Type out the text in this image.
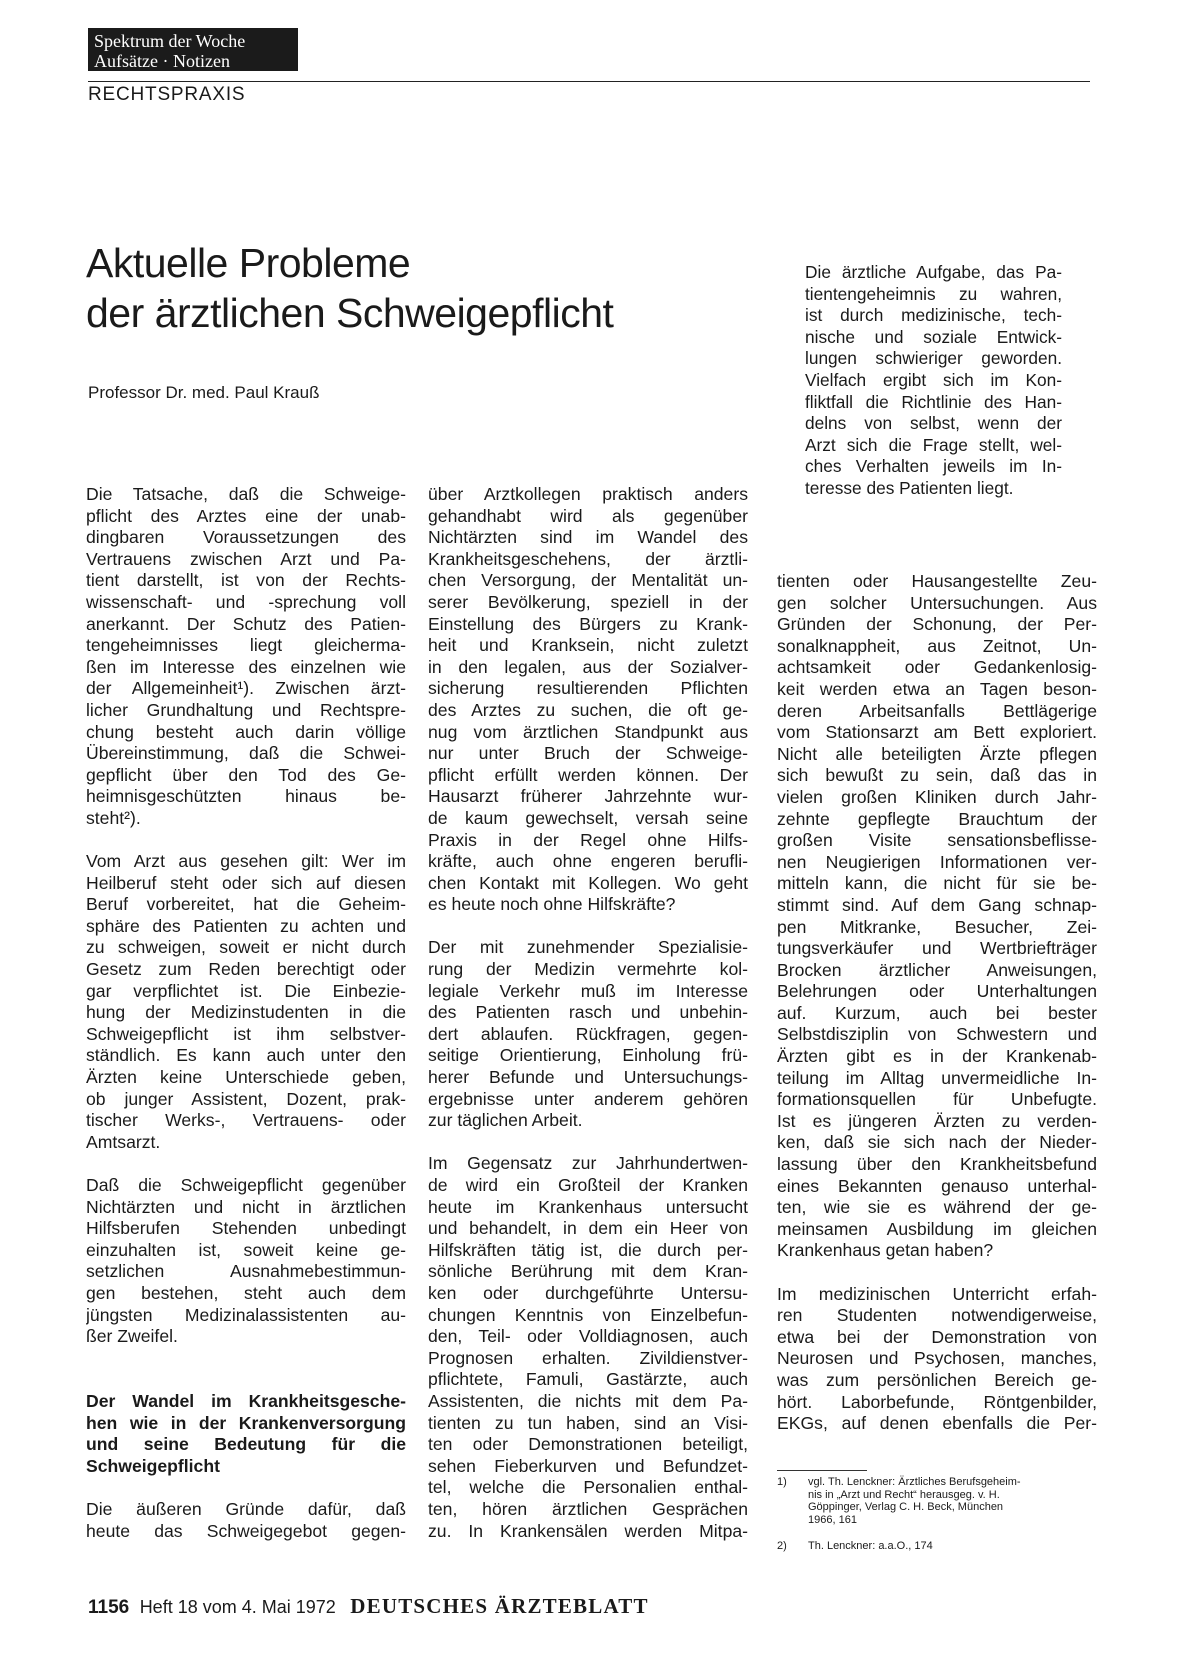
Spektrum der Woche
Aufsätze · Notizen
RECHTSPRAXIS
Aktuelle Probleme
der ärztlichen Schweigepflicht
Professor Dr. med. Paul Krauß
Die ärztliche Aufgabe, das Pa-
tientengeheimnis zu wahren,
ist durch medizinische, tech-
nische und soziale Entwick-
lungen schwieriger geworden.
Vielfach ergibt sich im Kon-
fliktfall die Richtlinie des Han-
delns von selbst, wenn der
Arzt sich die Frage stellt, wel-
ches Verhalten jeweils im In-
teresse des Patienten liegt.
Die Tatsache, daß die Schweige-
pflicht des Arztes eine der unab-
dingbaren Voraussetzungen des
Vertrauens zwischen Arzt und Pa-
tient darstellt, ist von der Rechts-
wissenschaft- und -sprechung voll
anerkannt. Der Schutz des Patien-
tengeheimnisses liegt gleicherma-
ßen im Interesse des einzelnen wie
der Allgemeinheit¹). Zwischen ärzt-
licher Grundhaltung und Rechtspre-
chung besteht auch darin völlige
Übereinstimmung, daß die Schwei-
gepflicht über den Tod des Ge-
heimnisgeschützten hinaus be-
steht²).
Vom Arzt aus gesehen gilt: Wer im
Heilberuf steht oder sich auf diesen
Beruf vorbereitet, hat die Geheim-
sphäre des Patienten zu achten und
zu schweigen, soweit er nicht durch
Gesetz zum Reden berechtigt oder
gar verpflichtet ist. Die Einbezie-
hung der Medizinstudenten in die
Schweigepflicht ist ihm selbstver-
ständlich. Es kann auch unter den
Ärzten keine Unterschiede geben,
ob junger Assistent, Dozent, prak-
tischer Werks-, Vertrauens- oder
Amtsarzt.
Daß die Schweigepflicht gegenüber
Nichtärzten und nicht in ärztlichen
Hilfsberufen Stehenden unbedingt
einzuhalten ist, soweit keine ge-
setzlichen Ausnahmebestimmun-
gen bestehen, steht auch dem
jüngsten Medizinalassistenten au-
ßer Zweifel.
Der Wandel im Krankheitsgesche-
hen wie in der Krankenversorgung
und seine Bedeutung für die
Schweigepflicht
Die äußeren Gründe dafür, daß
heute das Schweigegebot gegen-
über Arztkollegen praktisch anders
gehandhabt wird als gegenüber
Nichtärzten sind im Wandel des
Krankheitsgeschehens, der ärztli-
chen Versorgung, der Mentalität un-
serer Bevölkerung, speziell in der
Einstellung des Bürgers zu Krank-
heit und Kranksein, nicht zuletzt
in den legalen, aus der Sozialver-
sicherung resultierenden Pflichten
des Arztes zu suchen, die oft ge-
nug vom ärztlichen Standpunkt aus
nur unter Bruch der Schweige-
pflicht erfüllt werden können. Der
Hausarzt früherer Jahrzehnte wur-
de kaum gewechselt, versah seine
Praxis in der Regel ohne Hilfs-
kräfte, auch ohne engeren berufli-
chen Kontakt mit Kollegen. Wo geht
es heute noch ohne Hilfskräfte?
Der mit zunehmender Spezialisie-
rung der Medizin vermehrte kol-
legiale Verkehr muß im Interesse
des Patienten rasch und unbehin-
dert ablaufen. Rückfragen, gegen-
seitige Orientierung, Einholung frü-
herer Befunde und Untersuchungs-
ergebnisse unter anderem gehören
zur täglichen Arbeit.
Im Gegensatz zur Jahrhundertwen-
de wird ein Großteil der Kranken
heute im Krankenhaus untersucht
und behandelt, in dem ein Heer von
Hilfskräften tätig ist, die durch per-
sönliche Berührung mit dem Kran-
ken oder durchgeführte Untersu-
chungen Kenntnis von Einzelbefun-
den, Teil- oder Volldiagnosen, auch
Prognosen erhalten. Zivildienstver-
pflichtete, Famuli, Gastärzte, auch
Assistenten, die nichts mit dem Pa-
tienten zu tun haben, sind an Visi-
ten oder Demonstrationen beteiligt,
sehen Fieberkurven und Befundzet-
tel, welche die Personalien enthal-
ten, hören ärztlichen Gesprächen
zu. In Krankensälen werden Mitpa-
tienten oder Hausangestellte Zeu-
gen solcher Untersuchungen. Aus
Gründen der Schonung, der Per-
sonalknappheit, aus Zeitnot, Un-
achtsamkeit oder Gedankenlosig-
keit werden etwa an Tagen beson-
deren Arbeitsanfalls Bettlägerige
vom Stationsarzt am Bett exploriert.
Nicht alle beteiligten Ärzte pflegen
sich bewußt zu sein, daß das in
vielen großen Kliniken durch Jahr-
zehnte gepflegte Brauchtum der
großen Visite sensationsbeflisse-
nen Neugierigen Informationen ver-
mitteln kann, die nicht für sie be-
stimmt sind. Auf dem Gang schnap-
pen Mitkranke, Besucher, Zei-
tungsverkäufer und Wertbriefträger
Brocken ärztlicher Anweisungen,
Belehrungen oder Unterhaltungen
auf. Kurzum, auch bei bester
Selbstdisziplin von Schwestern und
Ärzten gibt es in der Krankenab-
teilung im Alltag unvermeidliche In-
formationsquellen für Unbefugte.
Ist es jüngeren Ärzten zu verden-
ken, daß sie sich nach der Nieder-
lassung über den Krankheitsbefund
eines Bekannten genauso unterhal-
ten, wie sie es während der ge-
meinsamen Ausbildung im gleichen
Krankenhaus getan haben?
Im medizinischen Unterricht erfah-
ren Studenten notwendigerweise,
etwa bei der Demonstration von
Neurosen und Psychosen, manches,
was zum persönlichen Bereich ge-
hört. Laborbefunde, Röntgenbilder,
EKGs, auf denen ebenfalls die Per-
1) vgl. Th. Lenckner: Ärztliches Berufsgeheim-
nis in „Arzt und Recht“ herausgeg. v. H.
Göppinger, Verlag C. H. Beck, München
1966, 161
2) Th. Lenckner: a.a.O., 174
1156 Heft 18 vom 4. Mai 1972 DEUTSCHES ÄRZTEBLATT
